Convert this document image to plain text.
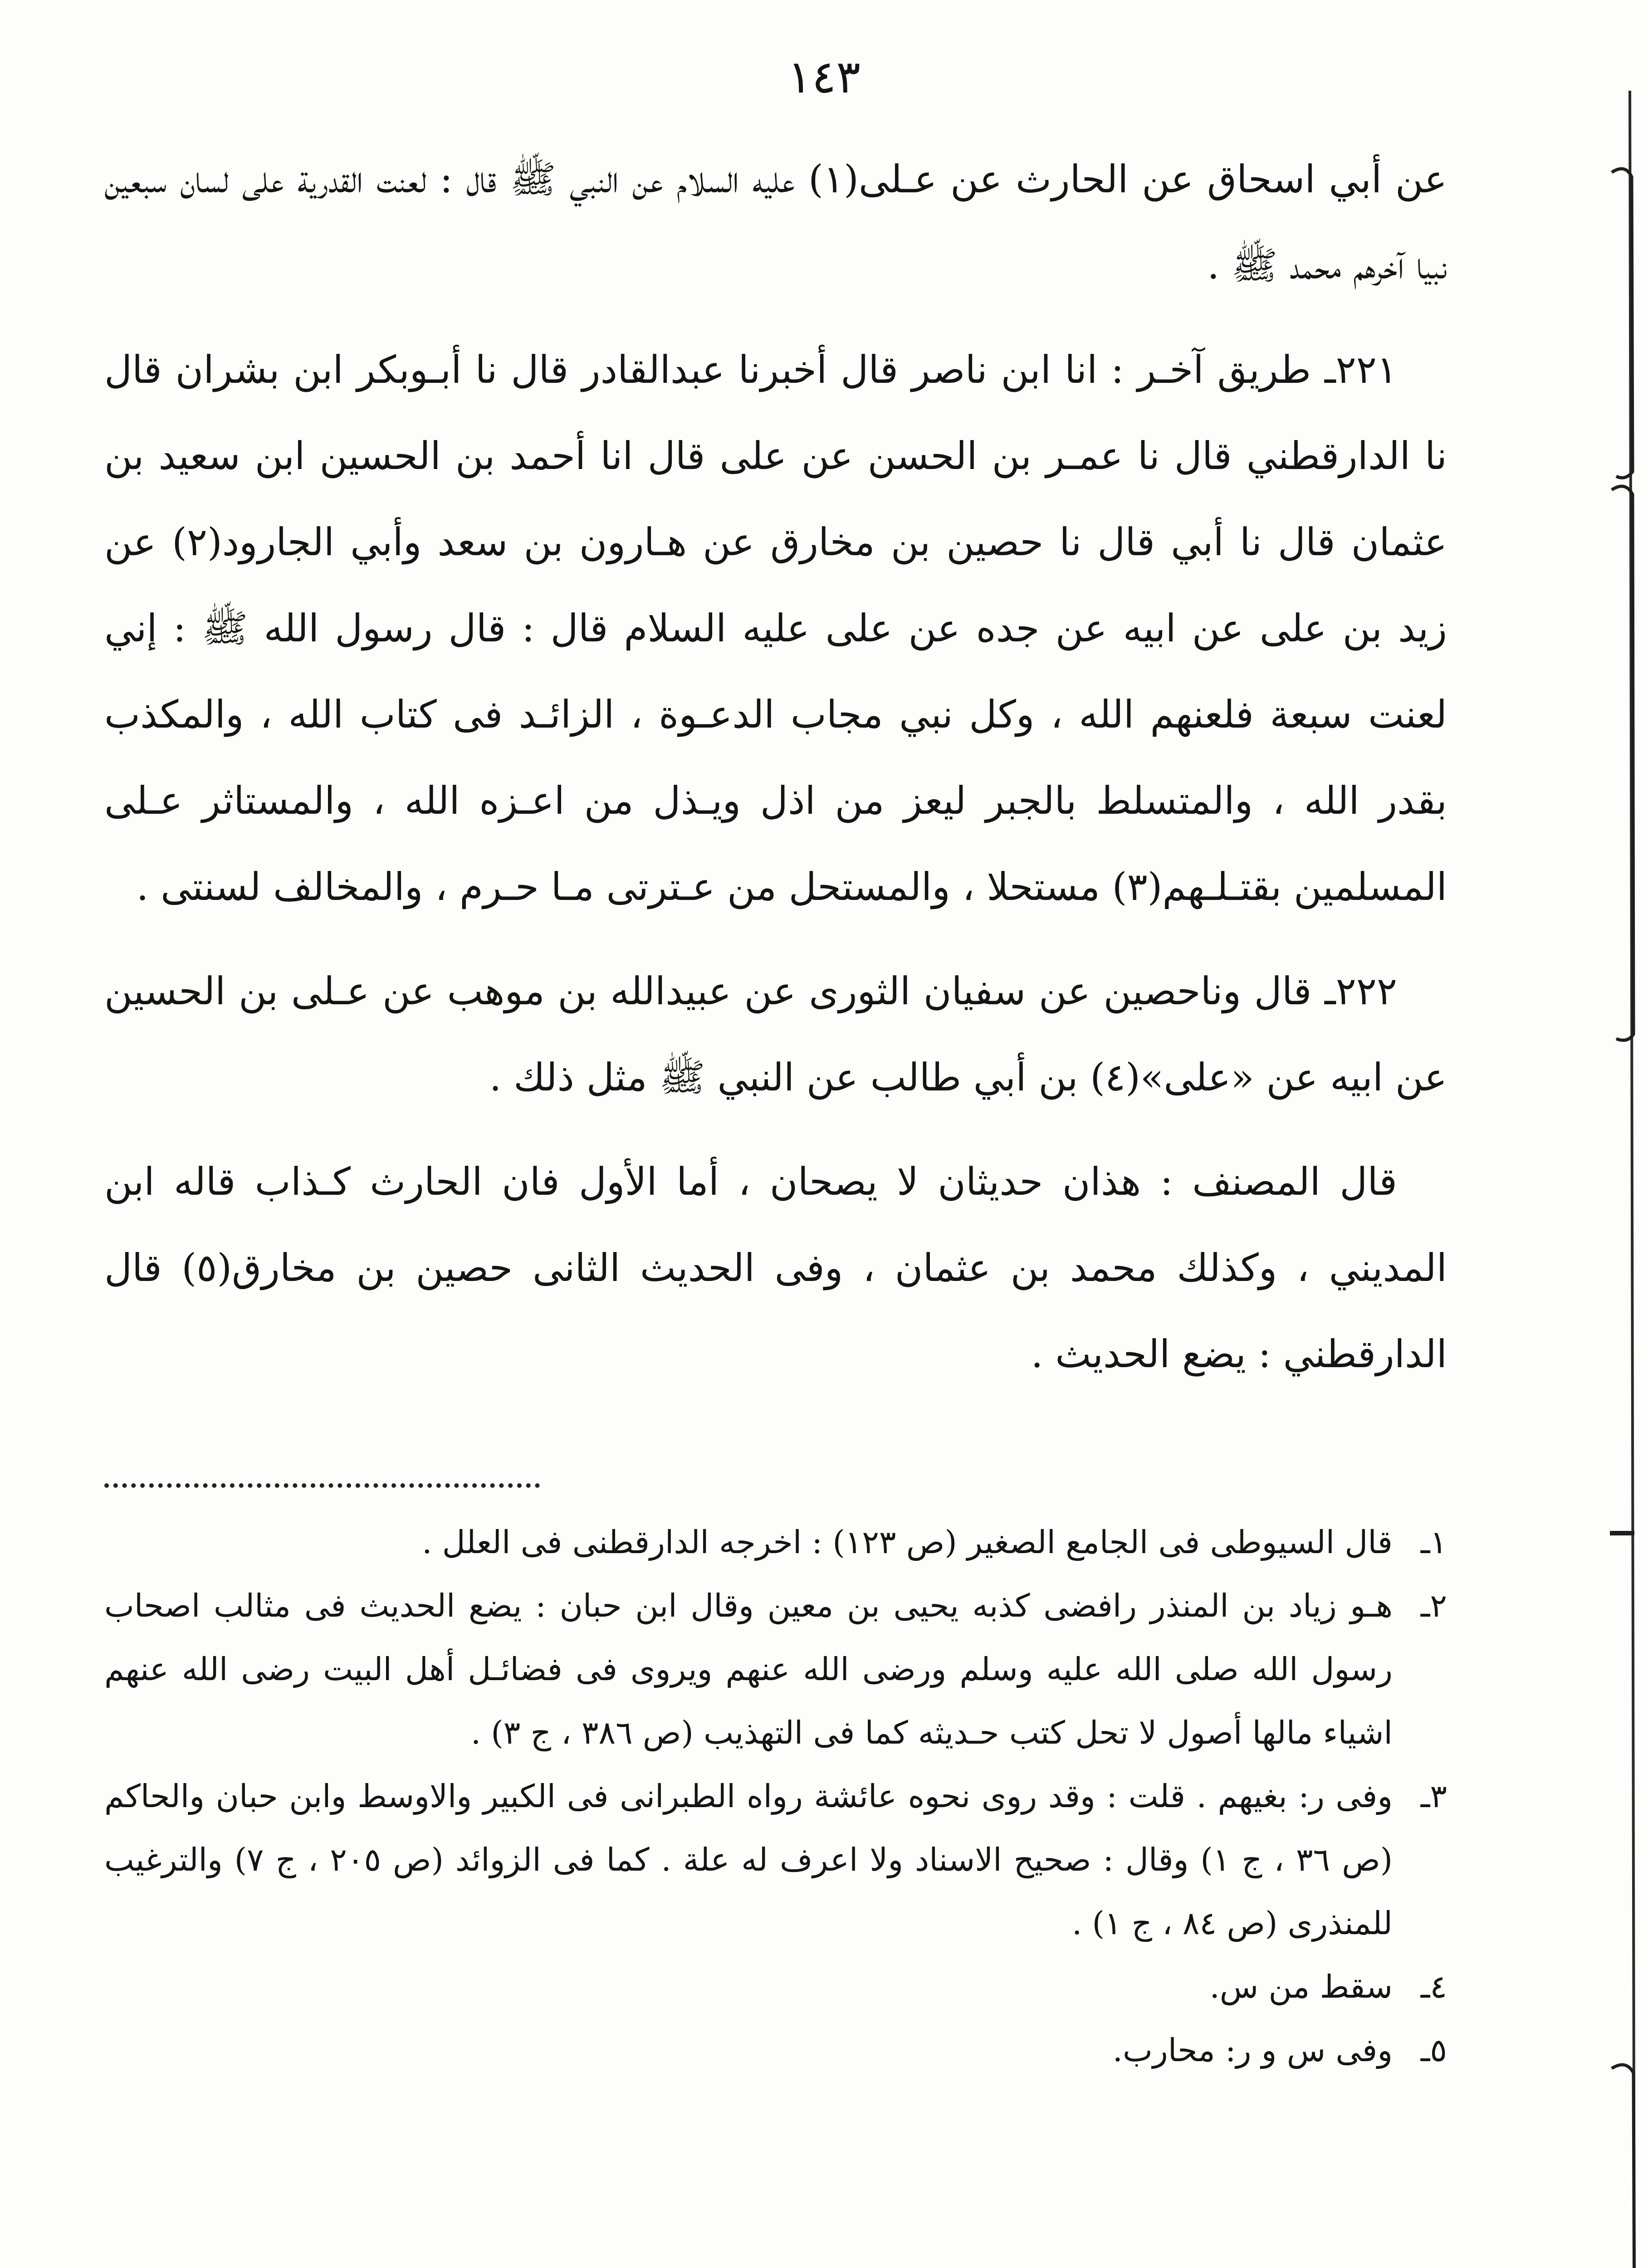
١٤٣

عن أبي اسحاق عن الحارث عن عـلى(١) عليه السلام عن النبي ﷺ قال : لعنت القدرية على لسان سبعين نبيا آخرهم محمد ﷺ .

٢٢١ـ طريق آخـر : انا ابن ناصر قال أخبرنا عبدالقادر قال نا أبـوبكر ابن بشران قال نا الدارقطني قال نا عمـر بن الحسن عن على قال انا أحمد بن الحسين ابن سعيد بن عثمان قال نا أبي قال نا حصين بن مخارق عن هـارون بن سعد وأبي الجارود(٢) عن زيد بن على عن ابيه عن جده عن على عليه السلام قال : قال رسول الله ﷺ : إني لعنت سبعة فلعنهم الله ، وكل نبي مجاب الدعـوة ، الزائـد فى كتاب الله ، والمكذب بقدر الله ، والمتسلط بالجبر ليعز من اذل ويـذل من اعـزه الله ، والمستاثر عـلى المسلمين بقتـلـهم(٣) مستحلا ، والمستحل من عـترتى مـا حـرم ، والمخالف لسنتى .

٢٢٢ـ قال وناحصين عن سفيان الثورى عن عبيدالله بن موهب عن عـلى بن الحسين عن ابيه عن «على»(٤) بن أبي طالب عن النبي ﷺ مثل ذلك .

قال المصنف : هذان حديثان لا يصحان ، أما الأول فان الحارث كـذاب قاله ابن المديني ، وكذلك محمد بن عثمان ، وفى الحديث الثانى حصين بن مخارق(٥) قال الدارقطني : يضع الحديث .

١ـ
قال السيوطى فى الجامع الصغير (ص ١٢٣) : اخرجه الدارقطنى فى العلل .

٢ـ
هـو زياد بن المنذر رافضى كذبه يحيى بن معين وقال ابن حبان : يضع الحديث فى مثالب اصحاب رسول الله صلى الله عليه وسلم ورضى الله عنهم ويروى فى فضائـل أهل البيت رضى الله عنهم اشياء مالها أصول لا تحل كتب حـديثه كما فى التهذيب (ص ٣٨٦ ، ج ٣) .

٣ـ
وفى ر: بغيهم . قلت : وقد روى نحوه عائشة رواه الطبرانى فى الكبير والاوسط وابن حبان والحاكم (ص ٣٦ ، ج ١) وقال : صحيح الاسناد ولا اعرف له علة . كما فى الزوائد (ص ٢٠٥ ، ج ٧) والترغيب للمنذرى (ص ٨٤ ، ج ١) .

٤ـ
سقط من س.

٥ـ
وفى س و ر: محارب.
